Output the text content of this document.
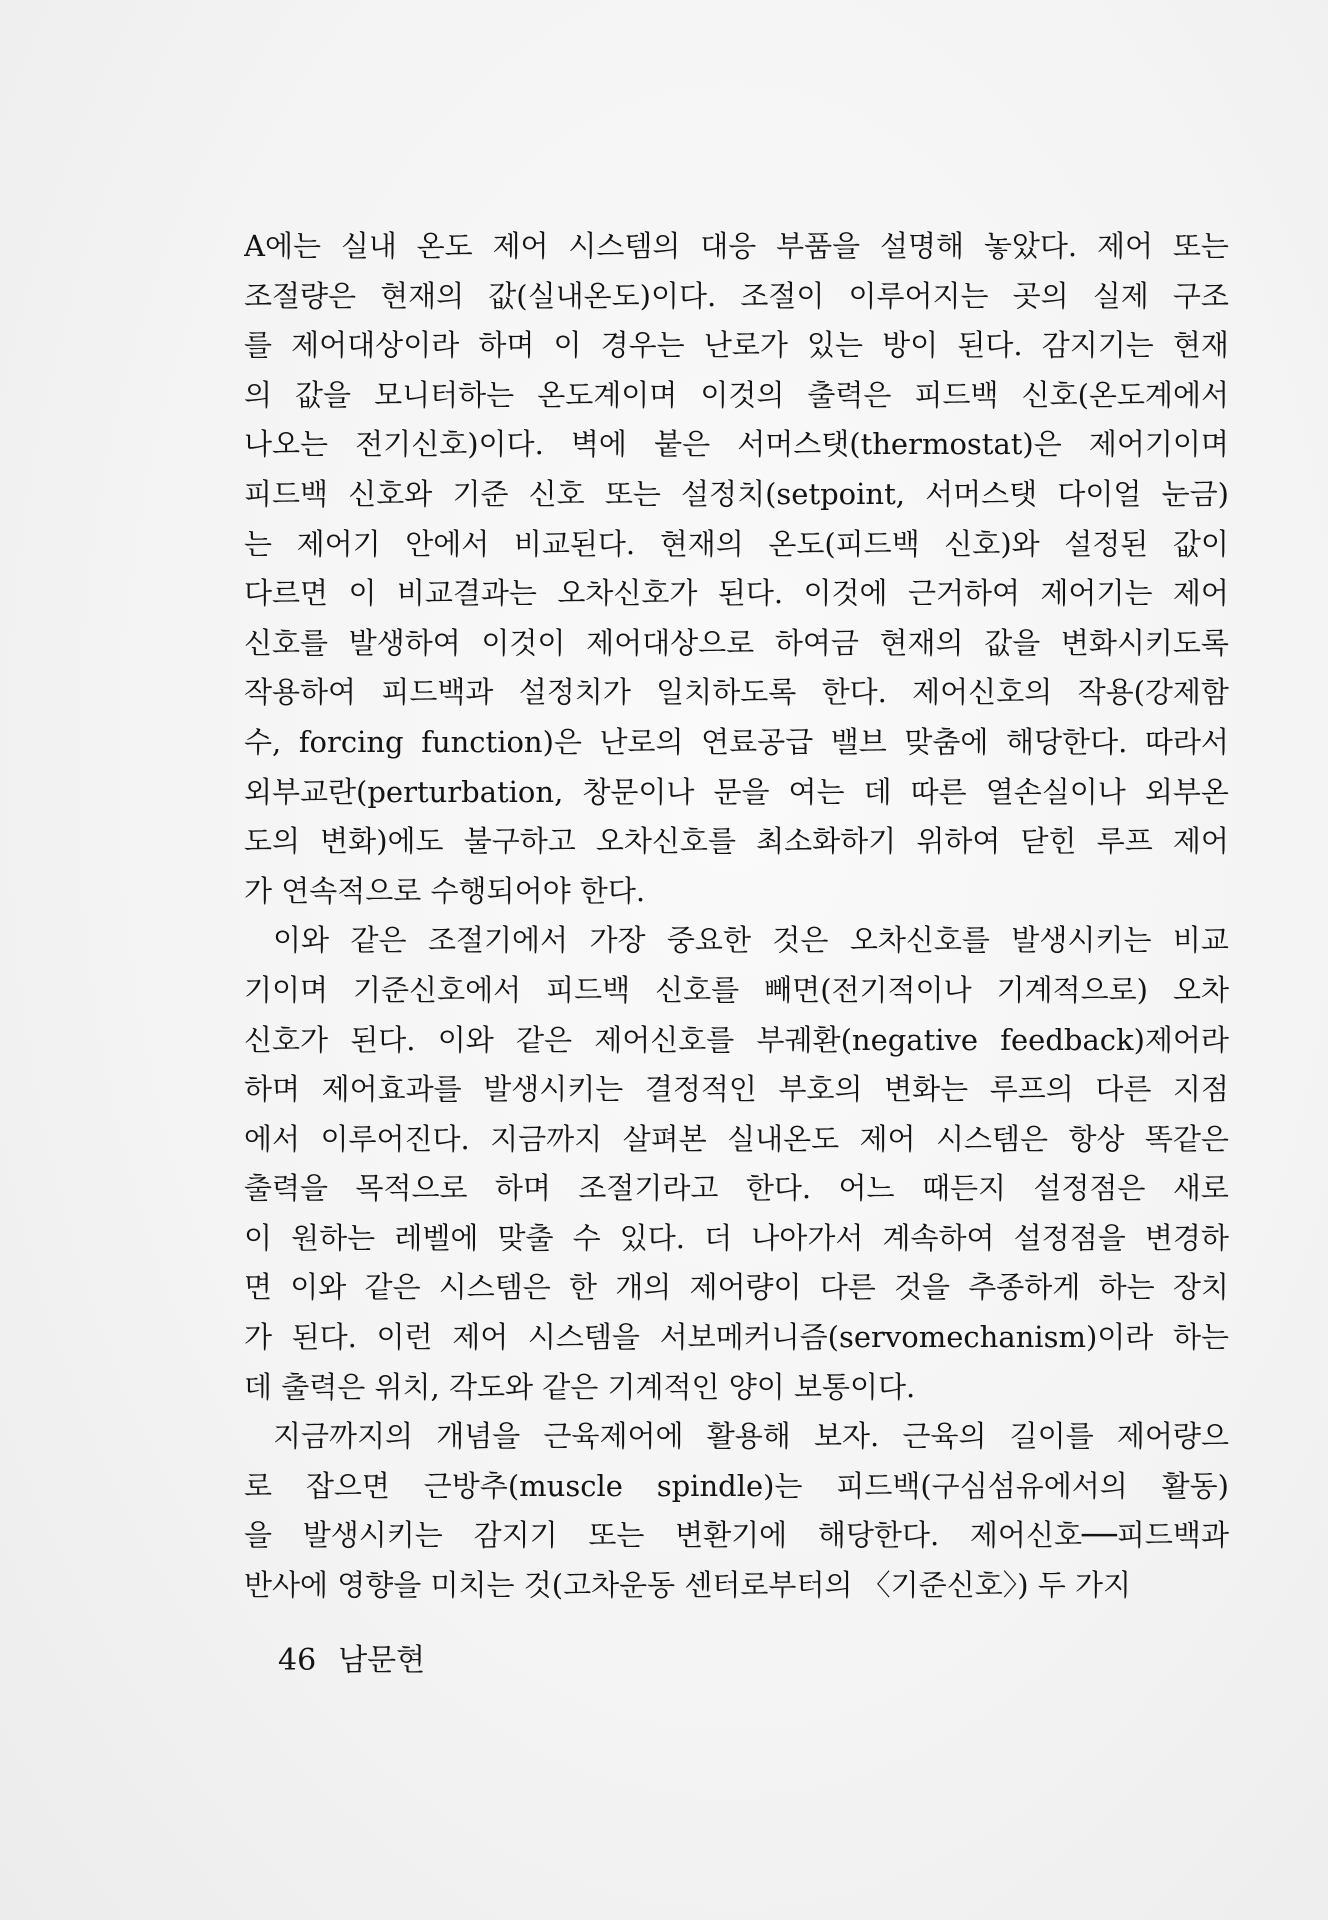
A에는 실내 온도 제어 시스템의 대응 부품을 설명해 놓았다. 제어 또는
조절량은 현재의 값(실내온도)이다. 조절이 이루어지는 곳의 실제 구조
를 제어대상이라 하며 이 경우는 난로가 있는 방이 된다. 감지기는 현재
의 값을 모니터하는 온도계이며 이것의 출력은 피드백 신호(온도계에서
나오는 전기신호)이다. 벽에 붙은 서머스탯(thermostat)은 제어기이며
피드백 신호와 기준 신호 또는 설정치(setpoint, 서머스탯 다이얼 눈금)
는 제어기 안에서 비교된다. 현재의 온도(피드백 신호)와 설정된 값이
다르면 이 비교결과는 오차신호가 된다. 이것에 근거하여 제어기는 제어
신호를 발생하여 이것이 제어대상으로 하여금 현재의 값을 변화시키도록
작용하여 피드백과 설정치가 일치하도록 한다. 제어신호의 작용(강제함
수, forcing function)은 난로의 연료공급 밸브 맞춤에 해당한다. 따라서
외부교란(perturbation, 창문이나 문을 여는 데 따른 열손실이나 외부온
도의 변화)에도 불구하고 오차신호를 최소화하기 위하여 닫힌 루프 제어
가 연속적으로 수행되어야 한다.
이와 같은 조절기에서 가장 중요한 것은 오차신호를 발생시키는 비교
기이며 기준신호에서 피드백 신호를 빼면(전기적이나 기계적으로) 오차
신호가 된다. 이와 같은 제어신호를 부궤환(negative feedback)제어라
하며 제어효과를 발생시키는 결정적인 부호의 변화는 루프의 다른 지점
에서 이루어진다. 지금까지 살펴본 실내온도 제어 시스템은 항상 똑같은
출력을 목적으로 하며 조절기라고 한다. 어느 때든지 설정점은 새로
이 원하는 레벨에 맞출 수 있다. 더 나아가서 계속하여 설정점을 변경하
면 이와 같은 시스템은 한 개의 제어량이 다른 것을 추종하게 하는 장치
가 된다. 이런 제어 시스템을 서보메커니즘(servomechanism)이라 하는
데 출력은 위치, 각도와 같은 기계적인 양이 보통이다.
지금까지의 개념을 근육제어에 활용해 보자. 근육의 길이를 제어량으
로 잡으면 근방추(muscle spindle)는 피드백(구심섬유에서의 활동)
을 발생시키는 감지기 또는 변환기에 해당한다. 제어신호──피드백과
반사에 영향을 미치는 것(고차운동 센터로부터의 〈기준신호〉) 두 가지
46 남문현
